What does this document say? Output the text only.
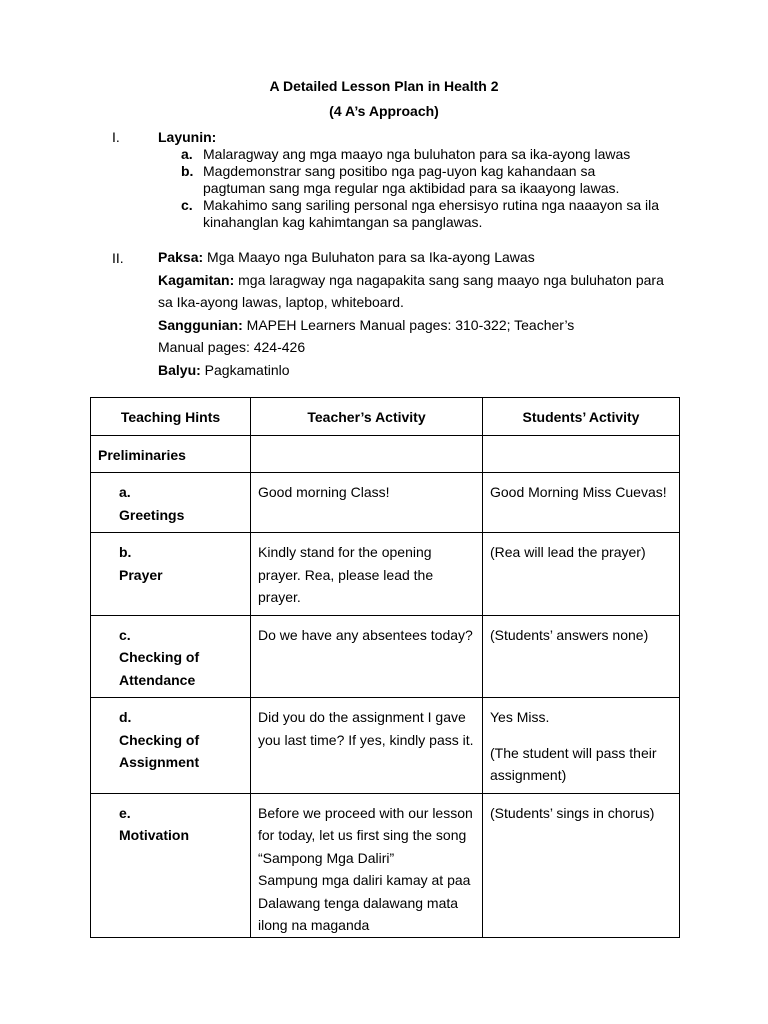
A Detailed Lesson Plan in Health 2
(4 A’s Approach)
I.	Layunin:
a. Malaragway ang mga maayo nga buluhaton para sa ika-ayong lawas
b. Magdemonstrar sang positibo nga pag-uyon kag kahandaan sa pagtuman sang mga regular nga aktibidad para sa ikaayong lawas.
c. Makahimo sang sariling personal nga ehersisyo rutina nga naaayon sa ila kinahanglan kag kahimtangan sa panglawas.
II. Paksa: Mga Maayo nga Buluhaton para sa Ika-ayong Lawas
Kagamitan: mga laragway nga nagapakita sang sang maayo nga buluhaton para sa Ika-ayong lawas, laptop, whiteboard.
Sanggunian: MAPEH Learners Manual pages: 310-322; Teacher’s Manual pages: 424-426
Balyu: Pagkamatinlo
Teaching Hints	Teacher’s Activity	Students’ Activity
Preliminaries		
a.Greetings	Good morning Class!	Good Morning Miss Cuevas!
b.Prayer	Kindly stand for the opening prayer. Rea, please lead the prayer.	(Rea will lead the prayer)
c.Checking of Attendance	Do we have any absentees today?	(Students’ answers none)
d.Checking of Assignment	Did you do the assignment I gave you last time? If yes, kindly pass it.	Yes Miss.

(The student will pass their assignment)

e.Motivation	Before we proceed with our lesson for today, let us first sing the song “Sampong Mga Daliri”
Sampung mga daliri kamay at paa
Dalawang tenga dalawang mata ilong na maganda	(Students’ sings in chorus)
